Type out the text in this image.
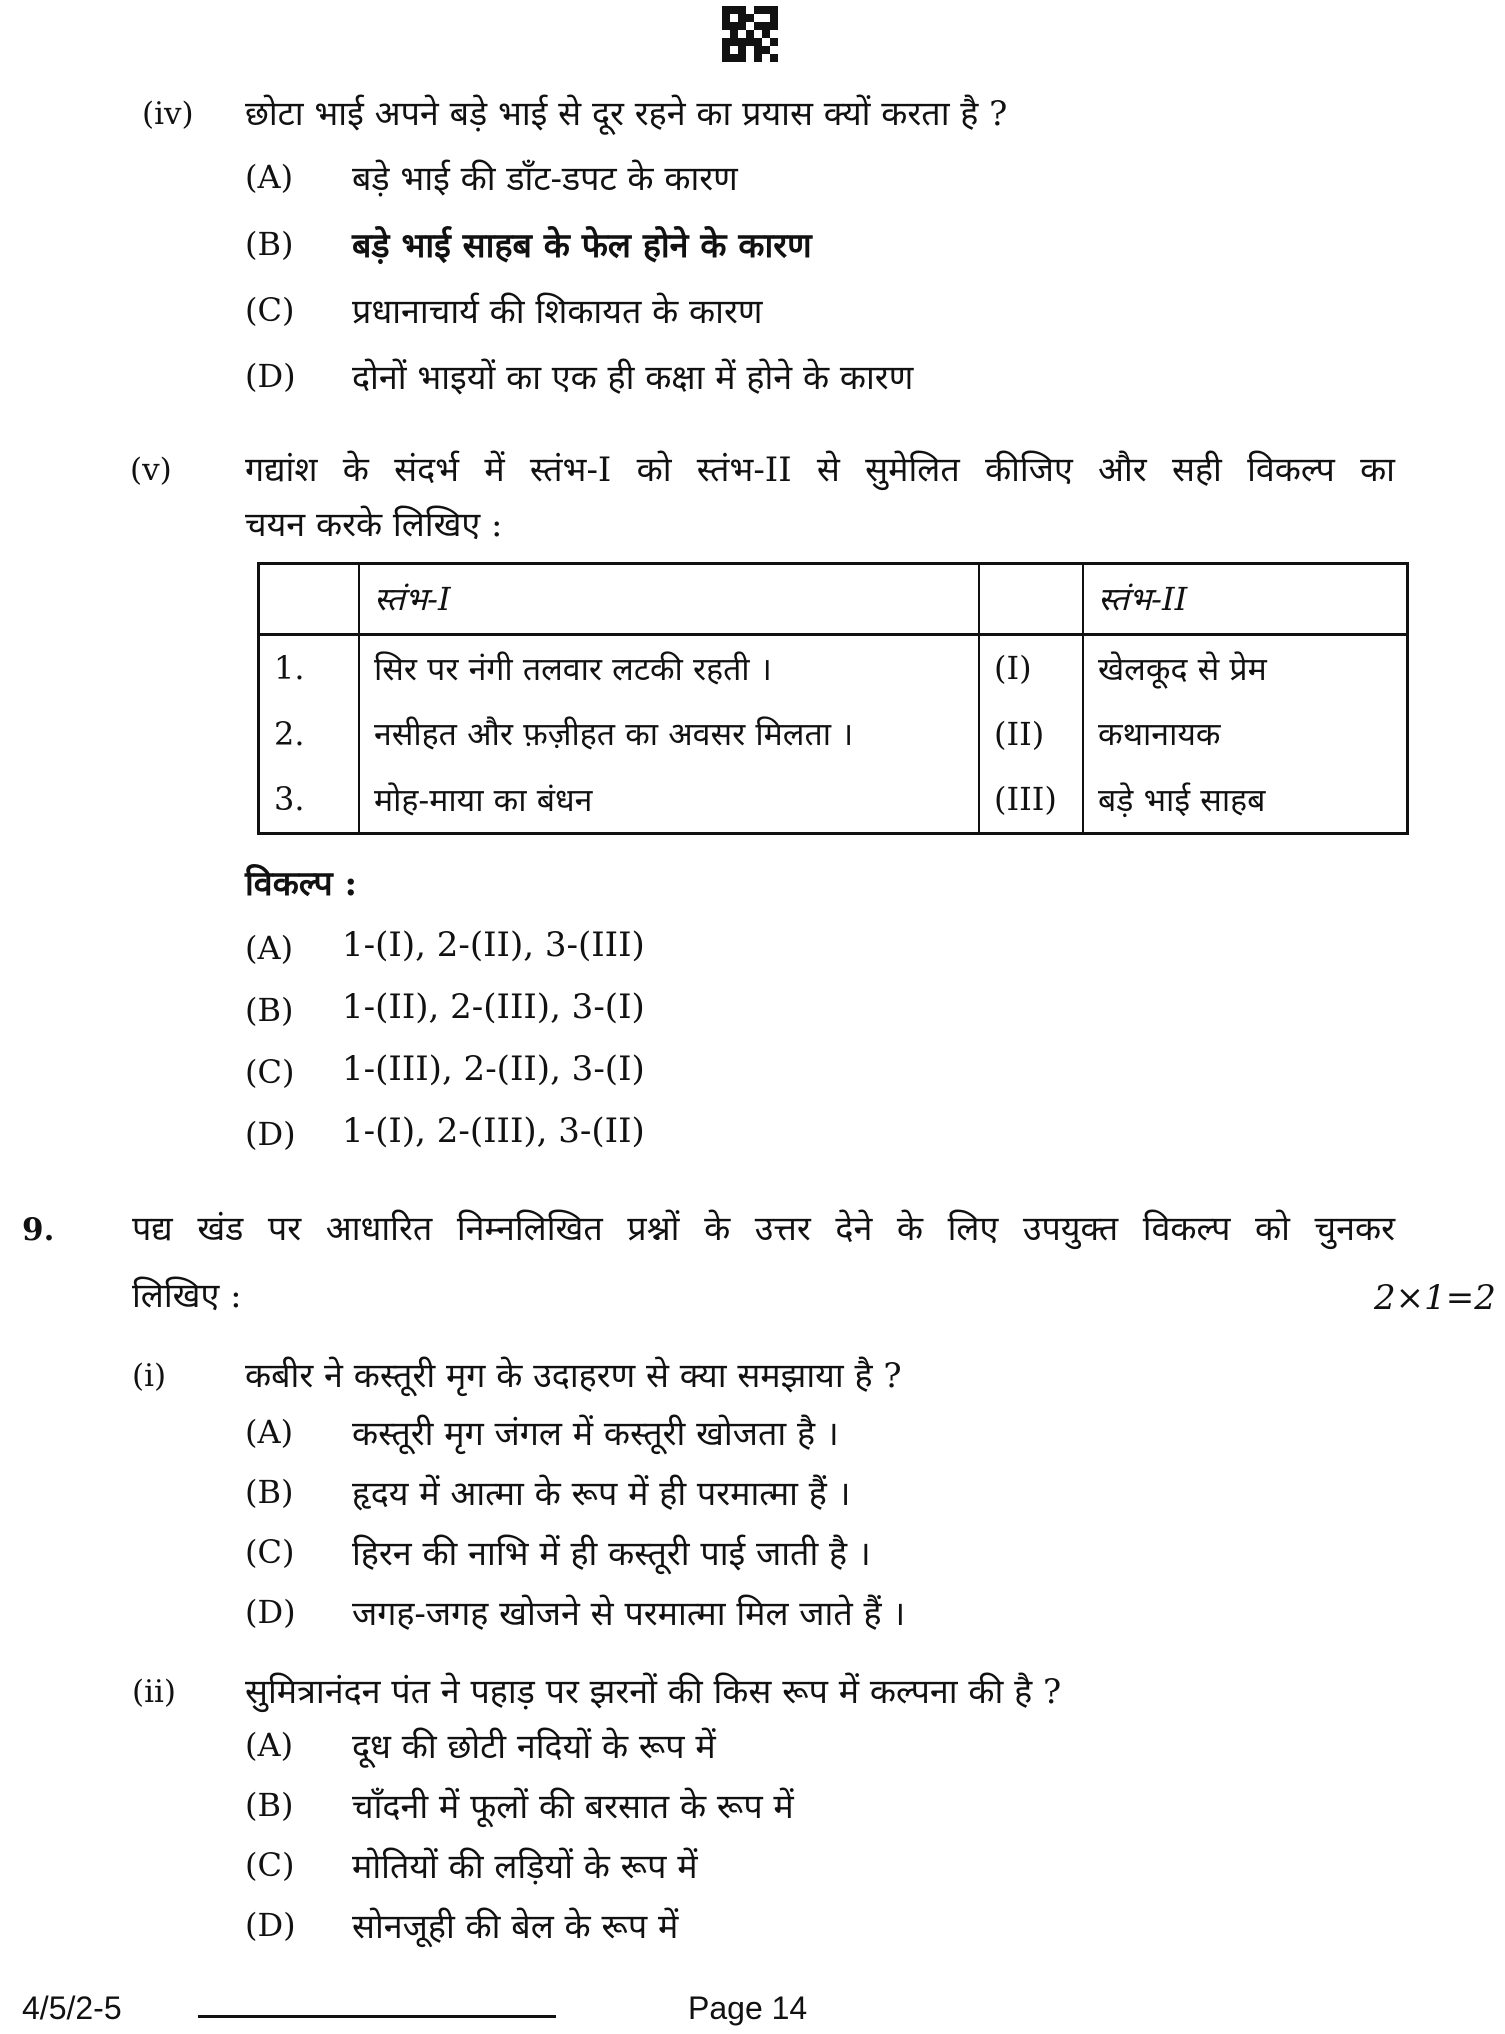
(iv) छोटा भाई अपने बड़े भाई से दूर रहने का प्रयास क्यों करता है ?
(A) बड़े भाई की डाँट-डपट के कारण
(B) बड़े भाई साहब के फेल होने के कारण
(C) प्रधानाचार्य की शिकायत के कारण
(D) दोनों भाइयों का एक ही कक्षा में होने के कारण
(v) गद्यांश के संदर्भ में स्तंभ-I को स्तंभ-II से सुमेलित कीजिए और सही विकल्प का
चयन करके लिखिए :
	स्तंभ-I		स्तंभ-II
1.	सिर पर नंगी तलवार लटकी रहती ।	(I)	खेलकूद से प्रेम
2.	नसीहत और फ़ज़ीहत का अवसर मिलता ।	(II)	कथानायक
3.	मोह-माया का बंधन	(III)	बड़े भाई साहब
विकल्प :
(A) 1-(I), 2-(II), 3-(III)
(B) 1-(II), 2-(III), 3-(I)
(C) 1-(III), 2-(II), 3-(I)
(D) 1-(I), 2-(III), 3-(II)
9. पद्य खंड पर आधारित निम्नलिखित प्रश्नों के उत्तर देने के लिए उपयुक्त विकल्प को चुनकर
लिखिए :	2×1=2
(i) कबीर ने कस्तूरी मृग के उदाहरण से क्या समझाया है ?
(A) कस्तूरी मृग जंगल में कस्तूरी खोजता है ।
(B) हृदय में आत्मा के रूप में ही परमात्मा हैं ।
(C) हिरन की नाभि में ही कस्तूरी पाई जाती है ।
(D) जगह-जगह खोजने से परमात्मा मिल जाते हैं ।
(ii) सुमित्रानंदन पंत ने पहाड़ पर झरनों की किस रूप में कल्पना की है ?
(A) दूध की छोटी नदियों के रूप में
(B) चाँदनी में फूलों की बरसात के रूप में
(C) मोतियों की लड़ियों के रूप में
(D) सोनजूही की बेल के रूप में
4/5/2-5	Page 14
